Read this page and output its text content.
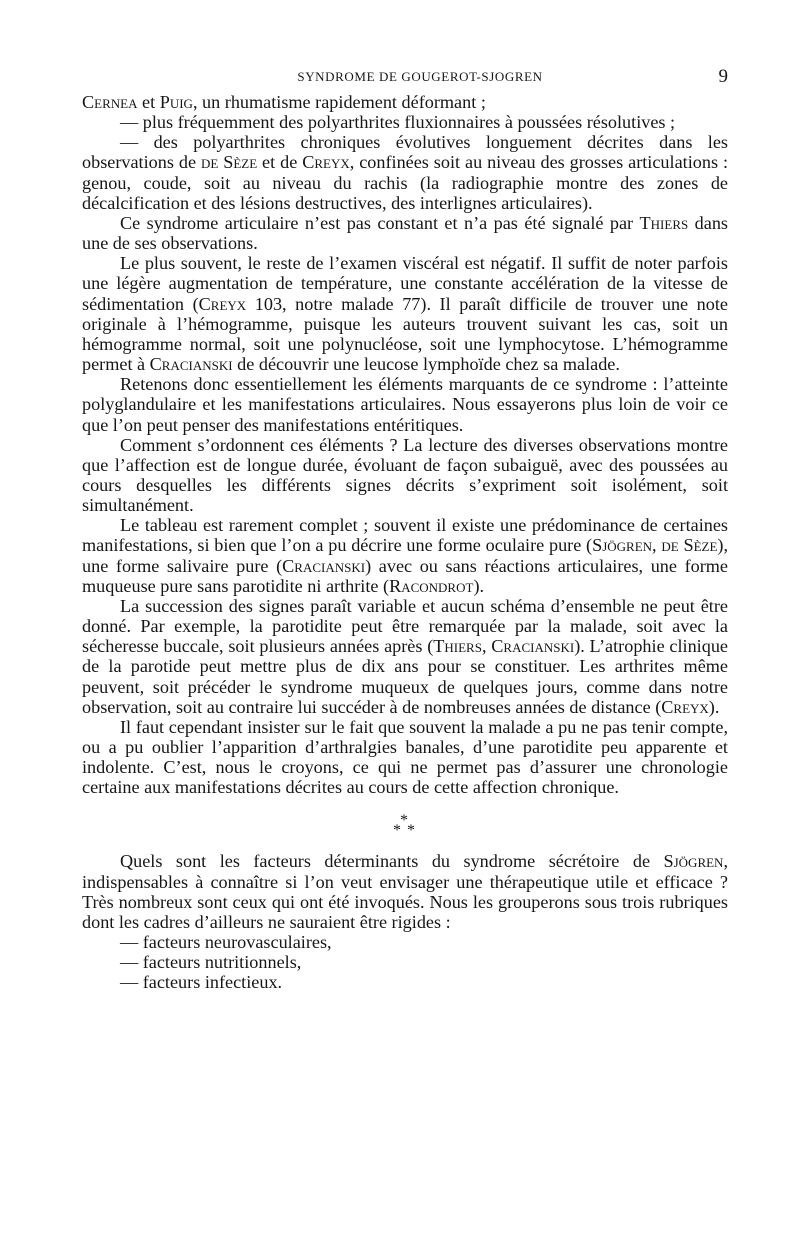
SYNDROME DE GOUGEROT-SJOGREN	9

Cernea et Puig, un rhumatisme rapidement déformant ;

— plus fréquemment des polyarthrites fluxionnaires à poussées résolutives ;

— des polyarthrites chroniques évolutives longuement décrites dans les observations de de Sèze et de Creyx, confinées soit au niveau des grosses articulations : genou, coude, soit au niveau du rachis (la radiographie montre des zones de décalcification et des lésions destructives, des interlignes articulaires).

Ce syndrome articulaire n’est pas constant et n’a pas été signalé par Thiers dans une de ses observations.

Le plus souvent, le reste de l’examen viscéral est négatif. Il suffit de noter parfois une légère augmentation de température, une constante accélération de la vitesse de sédimentation (Creyx 103, notre malade 77). Il paraît difficile de trouver une note originale à l’hémogramme, puisque les auteurs trouvent suivant les cas, soit un hémogramme normal, soit une polynucléose, soit une lymphocytose. L’hémogramme permet à Cracianski de découvrir une leucose lymphoïde chez sa malade.

Retenons donc essentiellement les éléments marquants de ce syndrome : l’atteinte polyglandulaire et les manifestations articulaires. Nous essayerons plus loin de voir ce que l’on peut penser des manifestations entéritiques.

Comment s’ordonnent ces éléments ? La lecture des diverses observations montre que l’affection est de longue durée, évoluant de façon subaiguë, avec des poussées au cours desquelles les différents signes décrits s’expriment soit isolément, soit simultanément.

Le tableau est rarement complet ; souvent il existe une prédominance de certaines manifestations, si bien que l’on a pu décrire une forme oculaire pure (Sjögren, de Sèze), une forme salivaire pure (Cracianski) avec ou sans réactions articulaires, une forme muqueuse pure sans parotidite ni arthrite (Racondrot).

La succession des signes paraît variable et aucun schéma d’ensemble ne peut être donné. Par exemple, la parotidite peut être remarquée par la malade, soit avec la sécheresse buccale, soit plusieurs années après (Thiers, Cracianski). L’atrophie clinique de la parotide peut mettre plus de dix ans pour se constituer. Les arthrites même peuvent, soit précéder le syndrome muqueux de quelques jours, comme dans notre observation, soit au contraire lui succéder à de nombreuses années de distance (Creyx).

Il faut cependant insister sur le fait que souvent la malade a pu ne pas tenir compte, ou a pu oublier l’apparition d’arthralgies banales, d’une parotidite peu apparente et indolente. C’est, nous le croyons, ce qui ne permet pas d’assurer une chronologie certaine aux manifestations décrites au cours de cette affection chronique.

*
* *

Quels sont les facteurs déterminants du syndrome sécrétoire de Sjögren, indispensables à connaître si l’on veut envisager une thérapeutique utile et efficace ? Très nombreux sont ceux qui ont été invoqués. Nous les grouperons sous trois rubriques dont les cadres d’ailleurs ne sauraient être rigides :

— facteurs neurovasculaires,
— facteurs nutritionnels,
— facteurs infectieux.
